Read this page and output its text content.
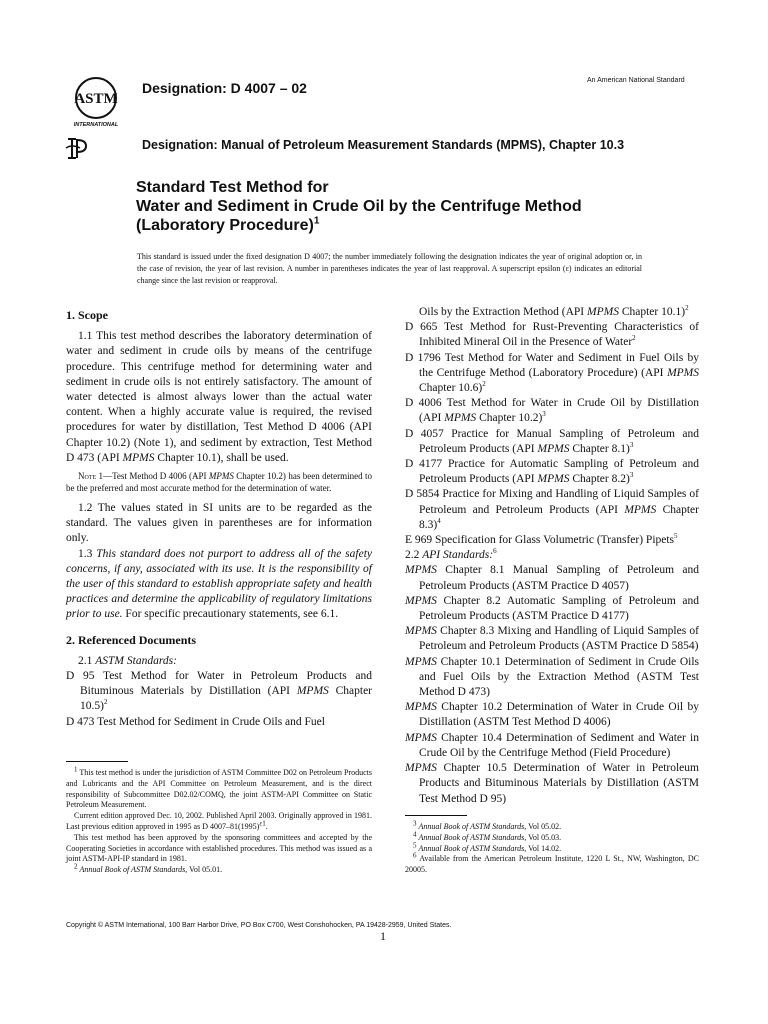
ASTM
INTERNATIONAL
Designation: D 4007 – 02	An American National Standard
Designation: Manual of Petroleum Measurement Standards (MPMS), Chapter 10.3
Standard Test Method for
Water and Sediment in Crude Oil by the Centrifuge Method
(Laboratory Procedure)$^1$
This standard is issued under the fixed designation D 4007; the number immediately following the designation indicates the year of original adoption or, in the case of revision, the year of last revision. A number in parentheses indicates the year of last reapproval. A superscript epsilon (ε) indicates an editorial change since the last revision or reapproval.
1. Scope

1.1 This test method describes the laboratory determination of water and sediment in crude oils by means of the centrifuge procedure. This centrifuge method for determining water and sediment in crude oils is not entirely satisfactory. The amount of water detected is almost always lower than the actual water content. When a highly accurate value is required, the revised procedures for water by distillation, Test Method D 4006 (API Chapter 10.2) (Note 1), and sediment by extraction, Test Method D 473 (API MPMS Chapter 10.1), shall be used.

Note 1—Test Method D 4006 (API MPMS Chapter 10.2) has been determined to be the preferred and most accurate method for the determination of water.

1.2 The values stated in SI units are to be regarded as the standard. The values given in parentheses are for information only.

1.3 This standard does not purport to address all of the safety concerns, if any, associated with its use. It is the responsibility of the user of this standard to establish appropriate safety and health practices and determine the applicability of regulatory limitations prior to use. For specific precautionary statements, see 6.1.

2. Referenced Documents

2.1 ASTM Standards:

D 95 Test Method for Water in Petroleum Products and Bituminous Materials by Distillation (API MPMS Chapter 10.5)$^2$

D 473 Test Method for Sediment in Crude Oils and Fuel

$^1$ This test method is under the jurisdiction of ASTM Committee D02 on Petroleum Products and Lubricants and the API Committee on Petroleum Measurement, and is the direct responsibility of Subcommittee D02.02/COMQ, the joint ASTM-API Committee on Static Petroleum Measurement.

Current edition approved Dec. 10, 2002. Published April 2003. Originally approved in 1981. Last previous edition approved in 1995 as D $4007-81(1995)^{\varepsilon 1}$.

This test method has been approved by the sponsoring committees and accepted by the Cooperating Societies in accordance with established procedures. This method was issued as a joint ASTM-API-IP standard in 1981.

$^2$ Annual Book of ASTM Standards, Vol 05.01.

Oils by the Extraction Method (API MPMS Chapter 10.1)$^2$

D 665 Test Method for Rust-Preventing Characteristics of Inhibited Mineral Oil in the Presence of Water$^2$

D 1796 Test Method for Water and Sediment in Fuel Oils by the Centrifuge Method (Laboratory Procedure) (API MPMS Chapter 10.6)$^2$

D 4006 Test Method for Water in Crude Oil by Distillation (API MPMS Chapter 10.2)$^3$

D 4057 Practice for Manual Sampling of Petroleum and Petroleum Products (API MPMS Chapter 8.1)$^3$

D 4177 Practice for Automatic Sampling of Petroleum and Petroleum Products (API MPMS Chapter 8.2)$^3$

D 5854 Practice for Mixing and Handling of Liquid Samples of Petroleum and Petroleum Products (API MPMS Chapter 8.3)$^4$

E 969 Specification for Glass Volumetric (Transfer) Pipets$^5$

2.2 API Standards:$^6$

MPMS Chapter 8.1 Manual Sampling of Petroleum and Petroleum Products (ASTM Practice D 4057)

MPMS Chapter 8.2 Automatic Sampling of Petroleum and Petroleum Products (ASTM Practice D 4177)

MPMS Chapter 8.3 Mixing and Handling of Liquid Samples of Petroleum and Petroleum Products (ASTM Practice D 5854)

MPMS Chapter 10.1 Determination of Sediment in Crude Oils and Fuel Oils by the Extraction Method (ASTM Test Method D 473)

MPMS Chapter 10.2 Determination of Water in Crude Oil by Distillation (ASTM Test Method D 4006)

MPMS Chapter 10.4 Determination of Sediment and Water in Crude Oil by the Centrifuge Method (Field Procedure)

MPMS Chapter 10.5 Determination of Water in Petroleum Products and Bituminous Materials by Distillation (ASTM Test Method D 95)

$^3$ Annual Book of ASTM Standards, Vol 05.02.

$^4$ Annual Book of ASTM Standards, Vol 05.03.

$^5$ Annual Book of ASTM Standards, Vol 14.02.

$^6$ Available from the American Petroleum Institute, 1220 L St., NW, Washington, DC 20005.

Copyright © ASTM International, 100 Barr Harbor Drive, PO Box C700, West Conshohocken, PA 19428-2959, United States.
1
